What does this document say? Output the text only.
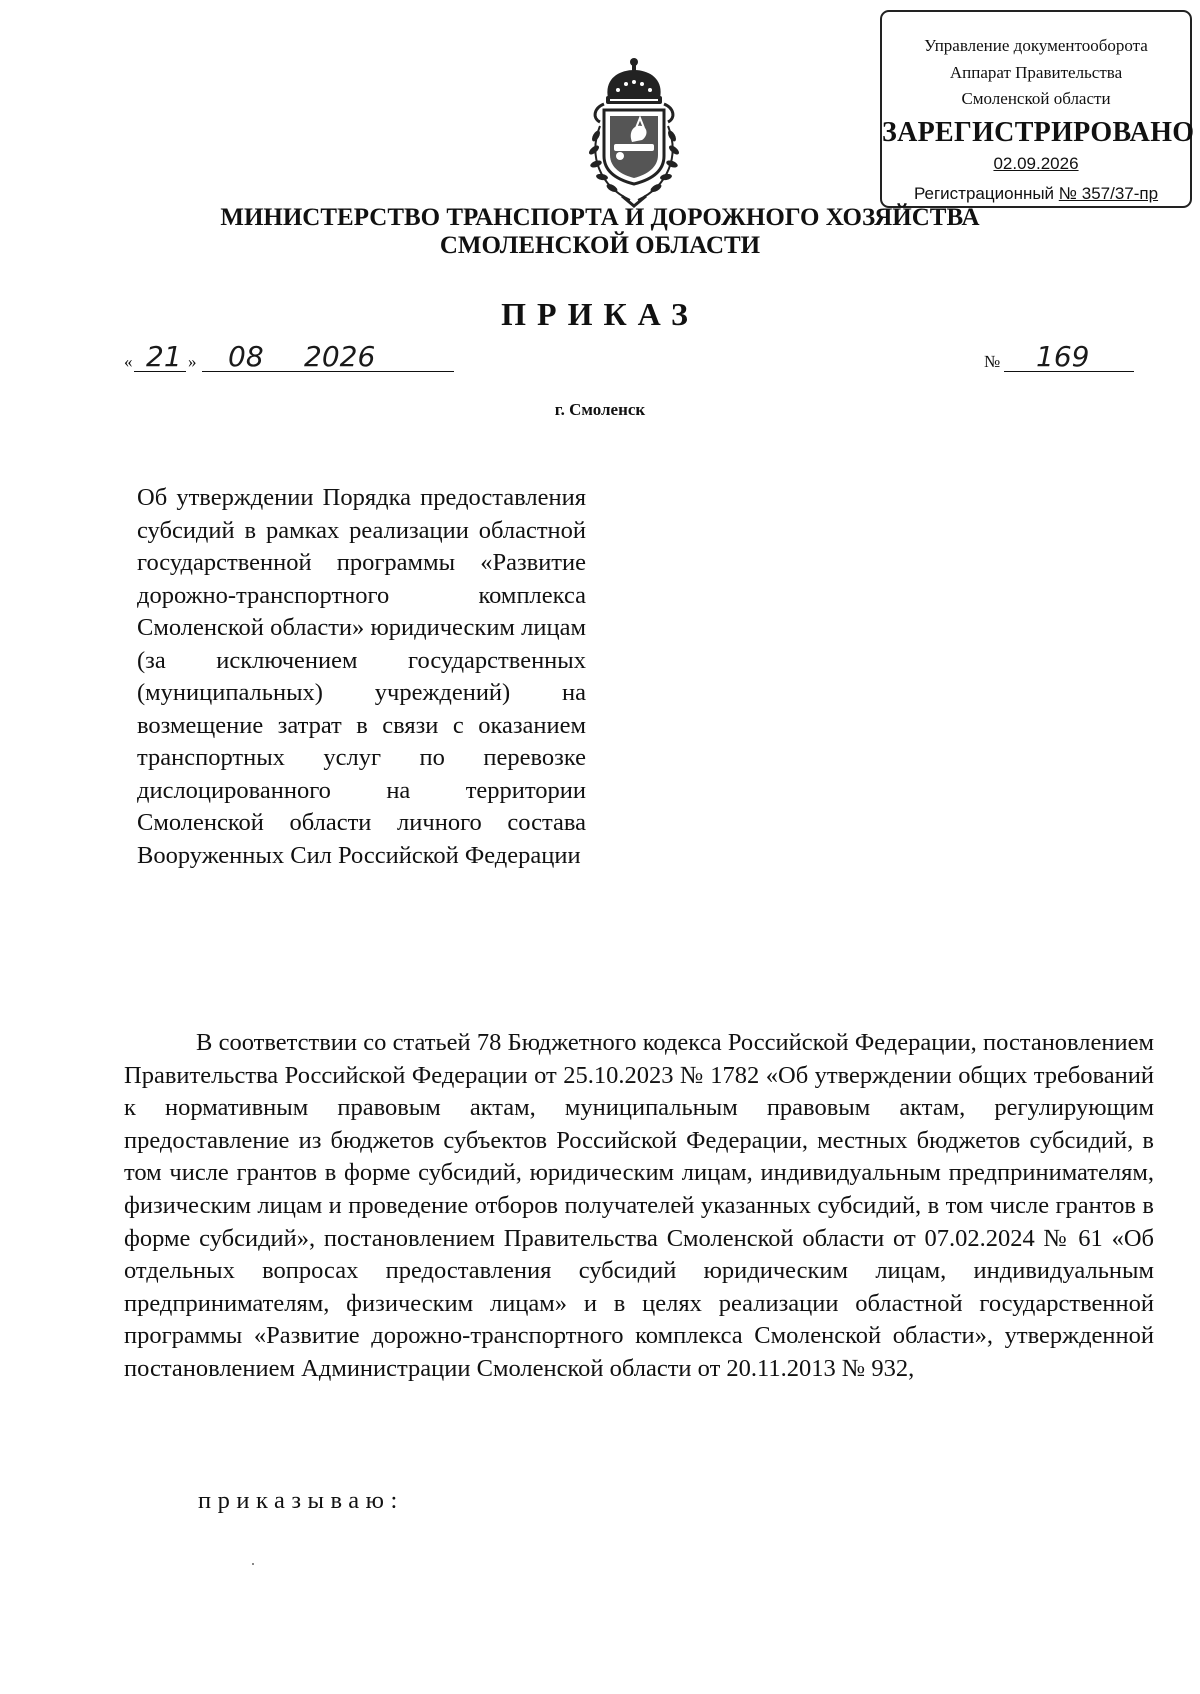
Управление документооборота
Аппарат Правительства
Смоленской области
ЗАРЕГИСТРИРОВАНО
02.09.2026
Регистрационный № 357/37-пр
МИНИСТЕРСТВО ТРАНСПОРТА И ДОРОЖНОГО ХОЗЯЙСТВА
СМОЛЕНСКОЙ ОБЛАСТИ
ПРИКАЗ
« 21 » 08 2026	№ 169
г. Смоленск
Об утверждении Порядка предоставления субсидий в рамках реализации областной государственной программы «Развитие дорожно-транспортного комплекса Смоленской области» юридическим лицам (за исключением государственных (муниципальных) учреждений) на возмещение затрат в связи с оказанием транспортных услуг по перевозке дислоцированного на территории Смоленской области личного состава Вооруженных Сил Российской Федерации
В соответствии со статьей 78 Бюджетного кодекса Российской Федерации, постановлением Правительства Российской Федерации от 25.10.2023 № 1782 «Об утверждении общих требований к нормативным правовым актам, муниципальным правовым актам, регулирующим предоставление из бюджетов субъектов Российской Федерации, местных бюджетов субсидий, в том числе грантов в форме субсидий, юридическим лицам, индивидуальным предпринимателям, физическим лицам и проведение отборов получателей указанных субсидий, в том числе грантов в форме субсидий», постановлением Правительства Смоленской области от 07.02.2024 № 61 «Об отдельных вопросах предоставления субсидий юридическим лицам, индивидуальным предпринимателям, физическим лицам» и в целях реализации областной государственной программы «Развитие дорожно-транспортного комплекса Смоленской области», утвержденной постановлением Администрации Смоленской области от 20.11.2013 № 932,
приказываю:
